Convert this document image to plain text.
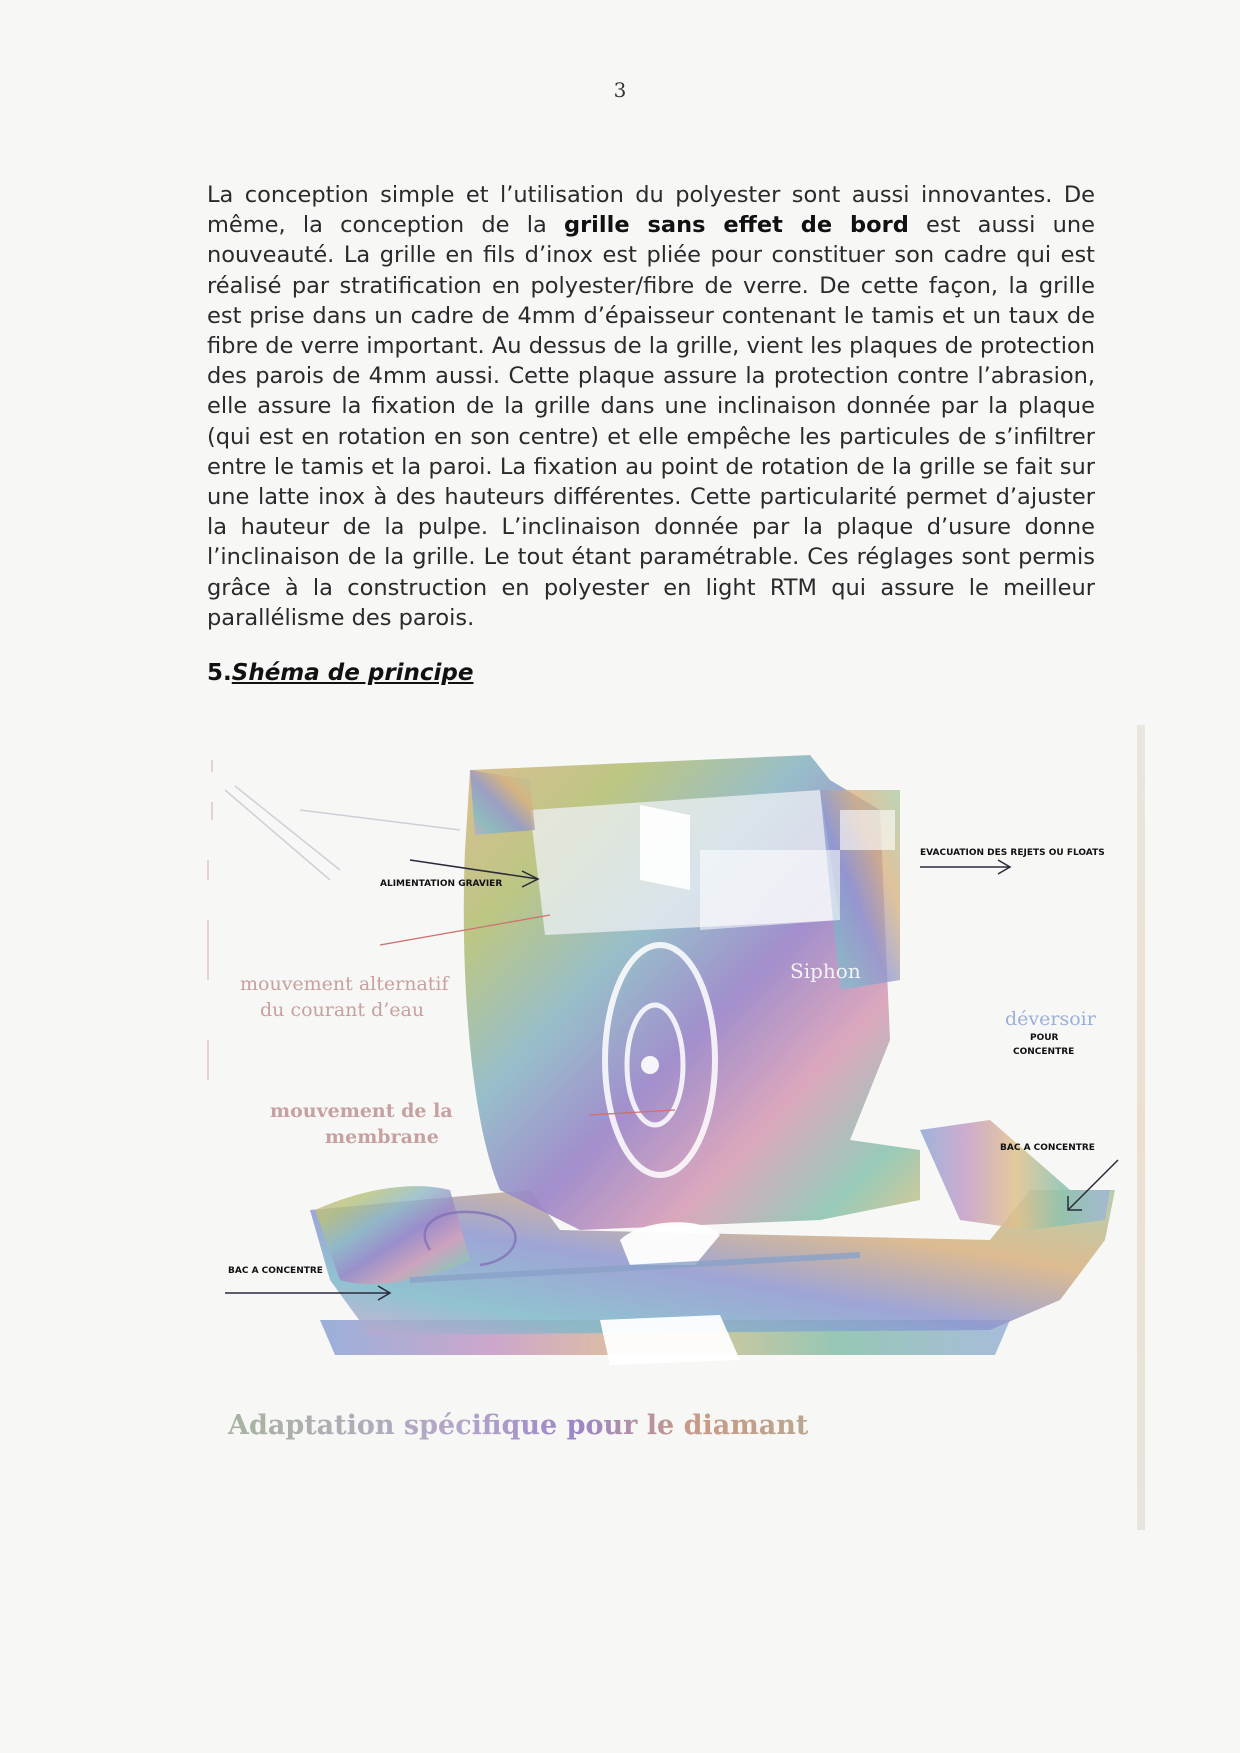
3

La conception simple et l’utilisation du polyester sont aussi innovantes. De même, la conception de la grille sans effet de bord est aussi une nouveauté. La grille en fils d’inox est pliée pour constituer son cadre qui est réalisé par stratification en polyester/fibre de verre. De cette façon, la grille est prise dans un cadre de 4mm d’épaisseur contenant le tamis et un taux de fibre de verre important. Au dessus de la grille, vient les plaques de protection des parois de 4mm aussi. Cette plaque assure la protection contre l’abrasion, elle assure la fixation de la grille dans une inclinaison donnée par la plaque (qui est en rotation en son centre) et elle empêche les particules de s’infiltrer entre le tamis et la paroi. La fixation au point de rotation de la grille se fait sur une latte inox à des hauteurs différentes. Cette particularité permet d’ajuster la hauteur de la pulpe. L’inclinaison donnée par la plaque d’usure donne l’inclinaison de la grille. Le tout étant paramétrable. Ces réglages sont permis grâce à la construction en polyester en light RTM qui assure le meilleur parallélisme des parois.

5.Shéma de principe
ALIMENTATION GRAVIER
EVACUATION DES REJETS OU FLOATS
mouvement alternatif
du courant d’eau
Siphon
déversoir
POUR
CONCENTRE
mouvement de la
membrane	BAC A CONCENTRE
BAC A CONCENTRE
Adaptation spécifique pour le diamant
